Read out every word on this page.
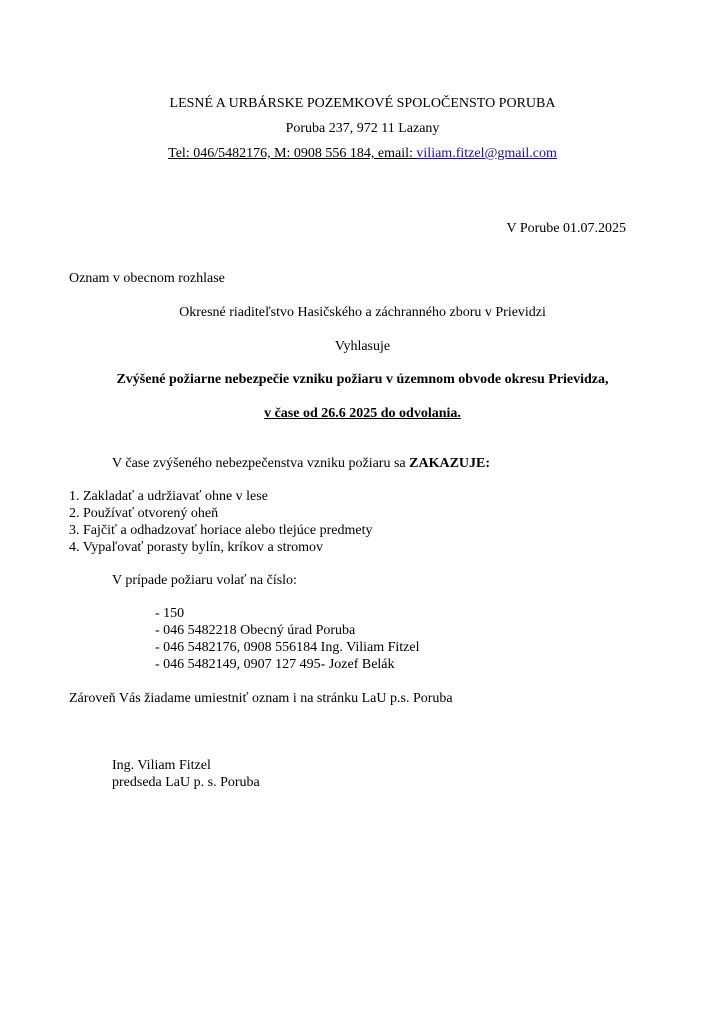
LESNÉ A URBÁRSKE POZEMKOVÉ SPOLOČENSTO PORUBA
Poruba 237, 972 11 Lazany
Tel: 046/5482176, M: 0908 556 184, email: viliam.fitzel@gmail.com
V Porube 01.07.2025
Oznam v obecnom rozhlase
Okresné riaditeľstvo Hasičského a záchranného zboru v Prievidzi
Vyhlasuje
Zvýšené požiarne nebezpečie vzniku požiaru v územnom obvode okresu Prievidza,
v čase od 26.6 2025 do odvolania.
V čase zvýšeného nebezpečenstva vzniku požiaru sa ZAKAZUJE:
1. Zakladať a udržiavať ohne v lese
2. Používať otvorený oheň
3. Fajčiť a odhadzovať horiace alebo tlejúce predmety
4. Vypaľovať porasty bylín, kríkov a stromov
V prípade požiaru volať na číslo:
- 150
- 046 5482218 Obecný úrad Poruba
- 046 5482176, 0908 556184 Ing. Viliam Fitzel
- 046 5482149, 0907 127 495- Jozef Belák
Zároveň Vás žiadame umiestniť oznam i na stránku LaU p.s. Poruba
Ing. Viliam Fitzel
predseda LaU p. s. Poruba
